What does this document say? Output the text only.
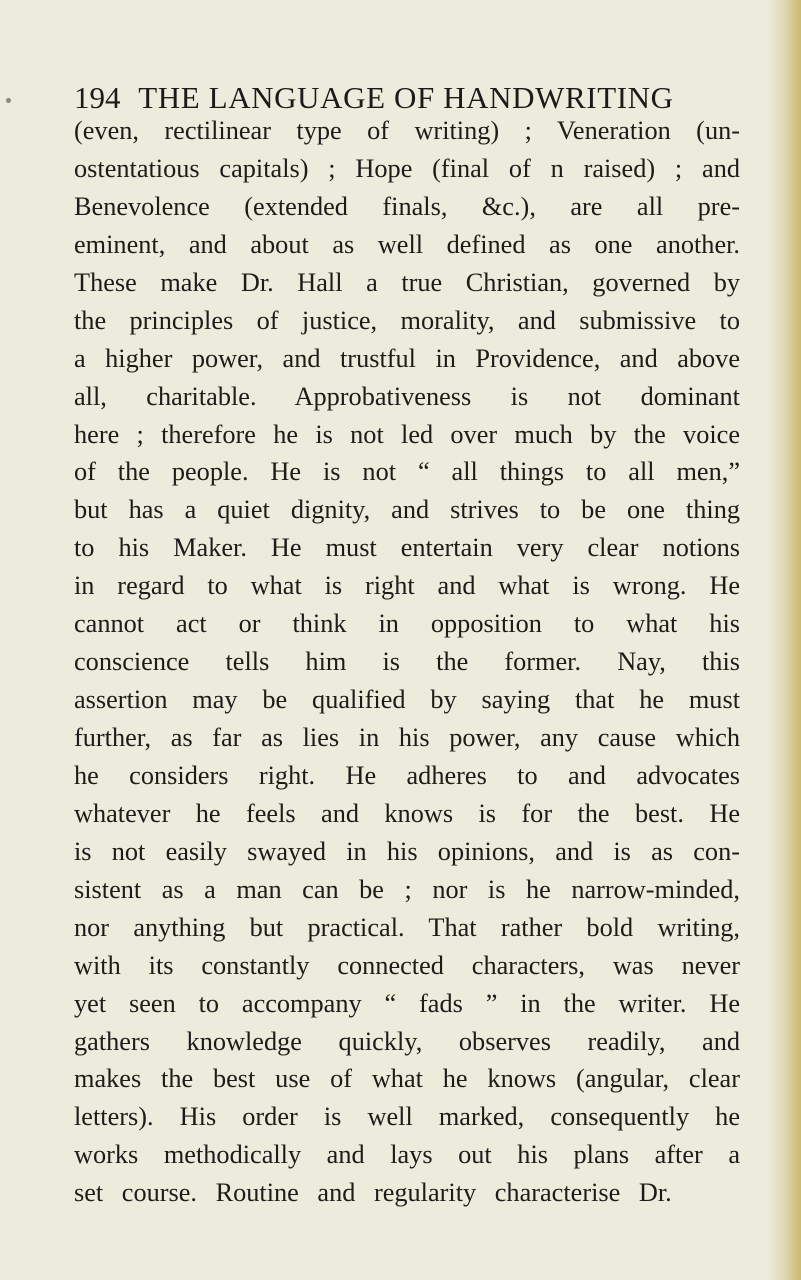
194 THE LANGUAGE OF HANDWRITING
(even, rectilinear type of writing) ; Veneration (un-
ostentatious capitals) ; Hope (final of n raised) ; and
Benevolence (extended finals, &c.), are all pre-
eminent, and about as well defined as one another.
These make Dr. Hall a true Christian, governed by
the principles of justice, morality, and submissive to
a higher power, and trustful in Providence, and above
all, charitable. Approbativeness is not dominant
here ; therefore he is not led over much by the voice
of the people. He is not “ all things to all men,”
but has a quiet dignity, and strives to be one thing
to his Maker. He must entertain very clear notions
in regard to what is right and what is wrong. He
cannot act or think in opposition to what his
conscience tells him is the former. Nay, this
assertion may be qualified by saying that he must
further, as far as lies in his power, any cause which
he considers right. He adheres to and advocates
whatever he feels and knows is for the best. He
is not easily swayed in his opinions, and is as con-
sistent as a man can be ; nor is he narrow-minded,
nor anything but practical. That rather bold writing,
with its constantly connected characters, was never
yet seen to accompany “ fads ” in the writer. He
gathers knowledge quickly, observes readily, and
makes the best use of what he knows (angular, clear
letters). His order is well marked, consequently he
works methodically and lays out his plans after a
set course. Routine and regularity characterise Dr.
